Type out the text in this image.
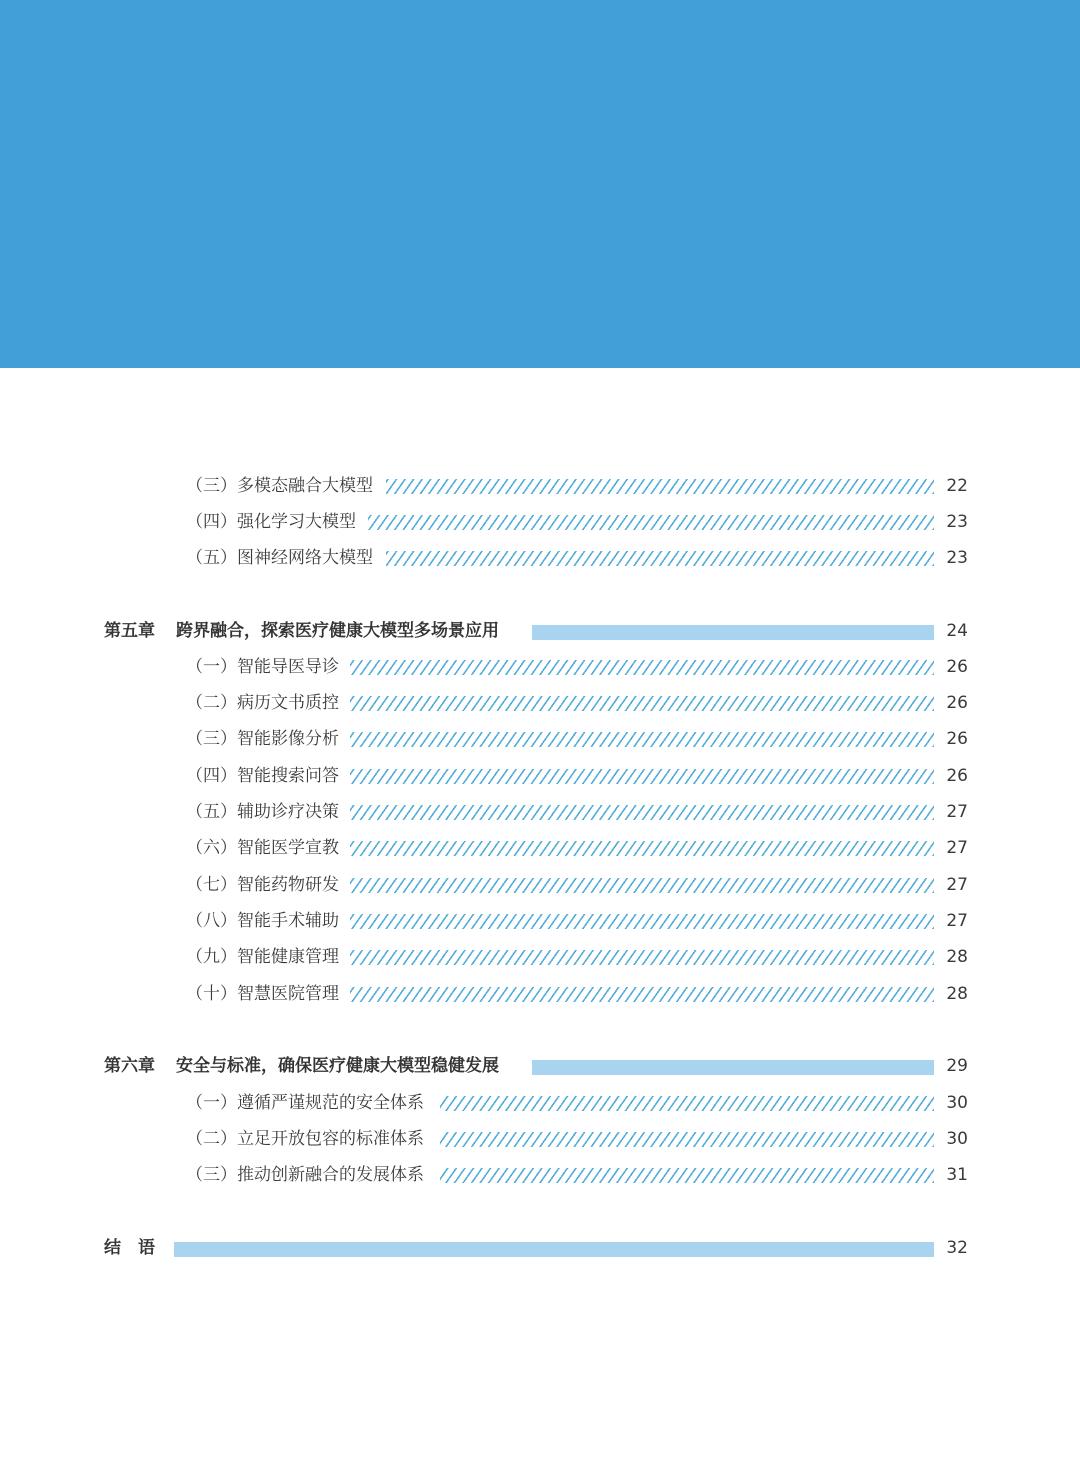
（三）多模态融合大模型	22
（四）强化学习大模型	23
（五）图神经网络大模型	23
第五章 跨界融合，探索医疗健康大模型多场景应用	24
（一）智能导医导诊	26
（二）病历文书质控	26
（三）智能影像分析	26
（四）智能搜索问答	26
（五）辅助诊疗决策	27
（六）智能医学宣教	27
（七）智能药物研发	27
（八）智能手术辅助	27
（九）智能健康管理	28
（十）智慧医院管理	28
第六章 安全与标准，确保医疗健康大模型稳健发展	29
（一）遵循严谨规范的安全体系	30
（二）立足开放包容的标准体系	30
（三）推动创新融合的发展体系	31
结　语	32
